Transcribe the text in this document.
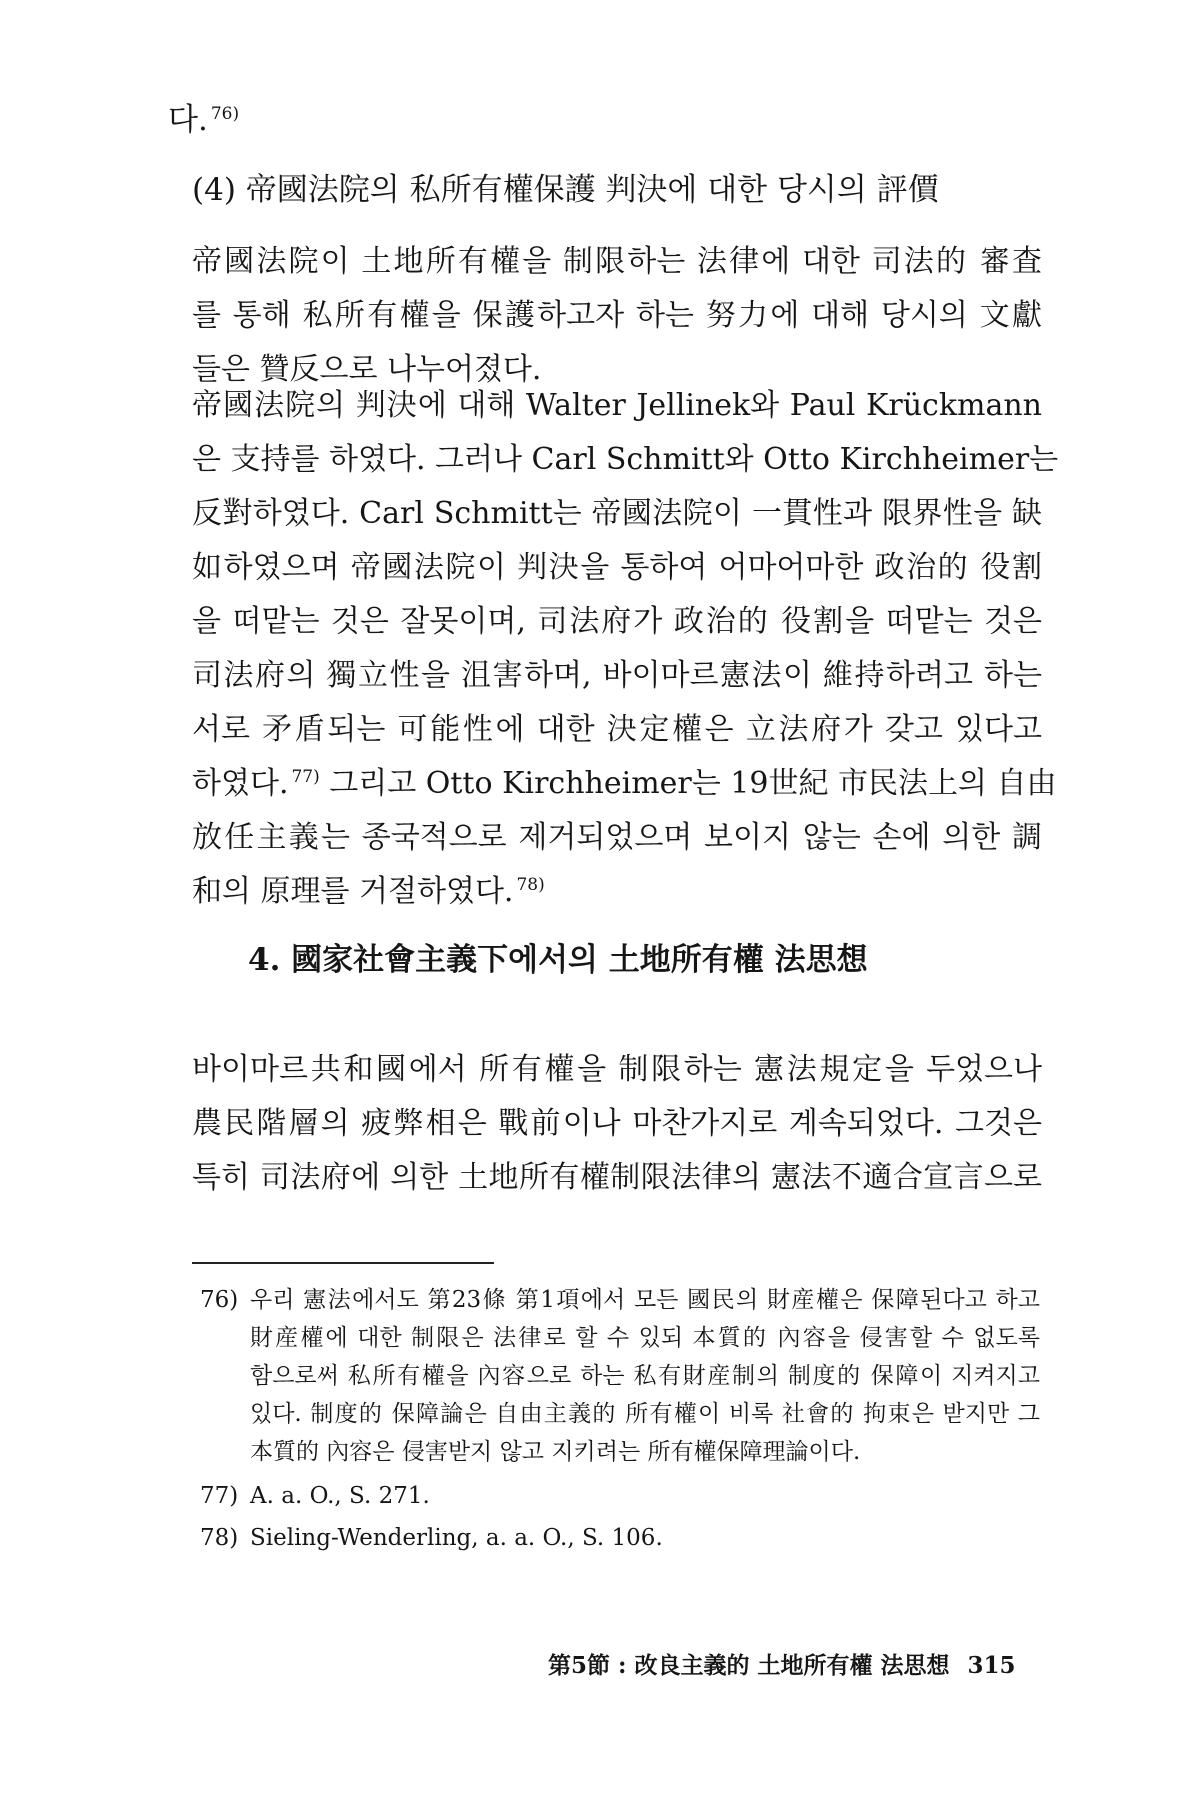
다. $^{76)}$
(4) 帝國法院의 私所有權保護 判決에 대한 당시의 評價
帝國法院이 土地所有權을 制限하는 法律에 대한 司法的 審査
를 통해 私所有權을 保護하고자 하는 努力에 대해 당시의 文獻
들은 贊反으로 나누어졌다.
帝國法院의 判決에 대해 Walter Jellinek와 Paul Krückmann
은 支持를 하였다. 그러나 Carl Schmitt와 Otto Kirchheimer는
反對하였다. Carl Schmitt는 帝國法院이 一貫性과 限界性을 缺
如하였으며 帝國法院이 判決을 통하여 어마어마한 政治的 役割
을 떠맡는 것은 잘못이며, 司法府가 政治的 役割을 떠맡는 것은
司法府의 獨立性을 沮害하며, 바이마르憲法이 維持하려고 하는
서로 矛盾되는 可能性에 대한 決定權은 立法府가 갖고 있다고
하였다. $^{77)}$ 그리고 Otto Kirchheimer는 19世紀 市民法上의 自由
放任主義는 종국적으로 제거되었으며 보이지 않는 손에 의한 調
和의 原理를 거절하였다. $^{78)}$
4. 國家社會主義下에서의 土地所有權 法思想
바이마르共和國에서 所有權을 制限하는 憲法規定을 두었으나
農民階層의 疲弊相은 戰前이나 마찬가지로 계속되었다. 그것은
특히 司法府에 의한 土地所有權制限法律의 憲法不適合宣言으로
76) 우리 憲法에서도 第23條 第1項에서 모든 國民의 財産權은 保障된다고 하고
財産權에 대한 制限은 法律로 할 수 있되 本質的 內容을 侵害할 수 없도록
함으로써 私所有權을 內容으로 하는 私有財産制의 制度的 保障이 지켜지고
있다. 制度的 保障論은 自由主義的 所有權이 비록 社會的 拘束은 받지만 그
本質的 內容은 侵害받지 않고 지키려는 所有權保障理論이다.
77) A. a. O., S. 271.
78) Sieling-Wenderling, a. a. O., S. 106.
第5節 : 改良主義的 土地所有權 法思想 315
